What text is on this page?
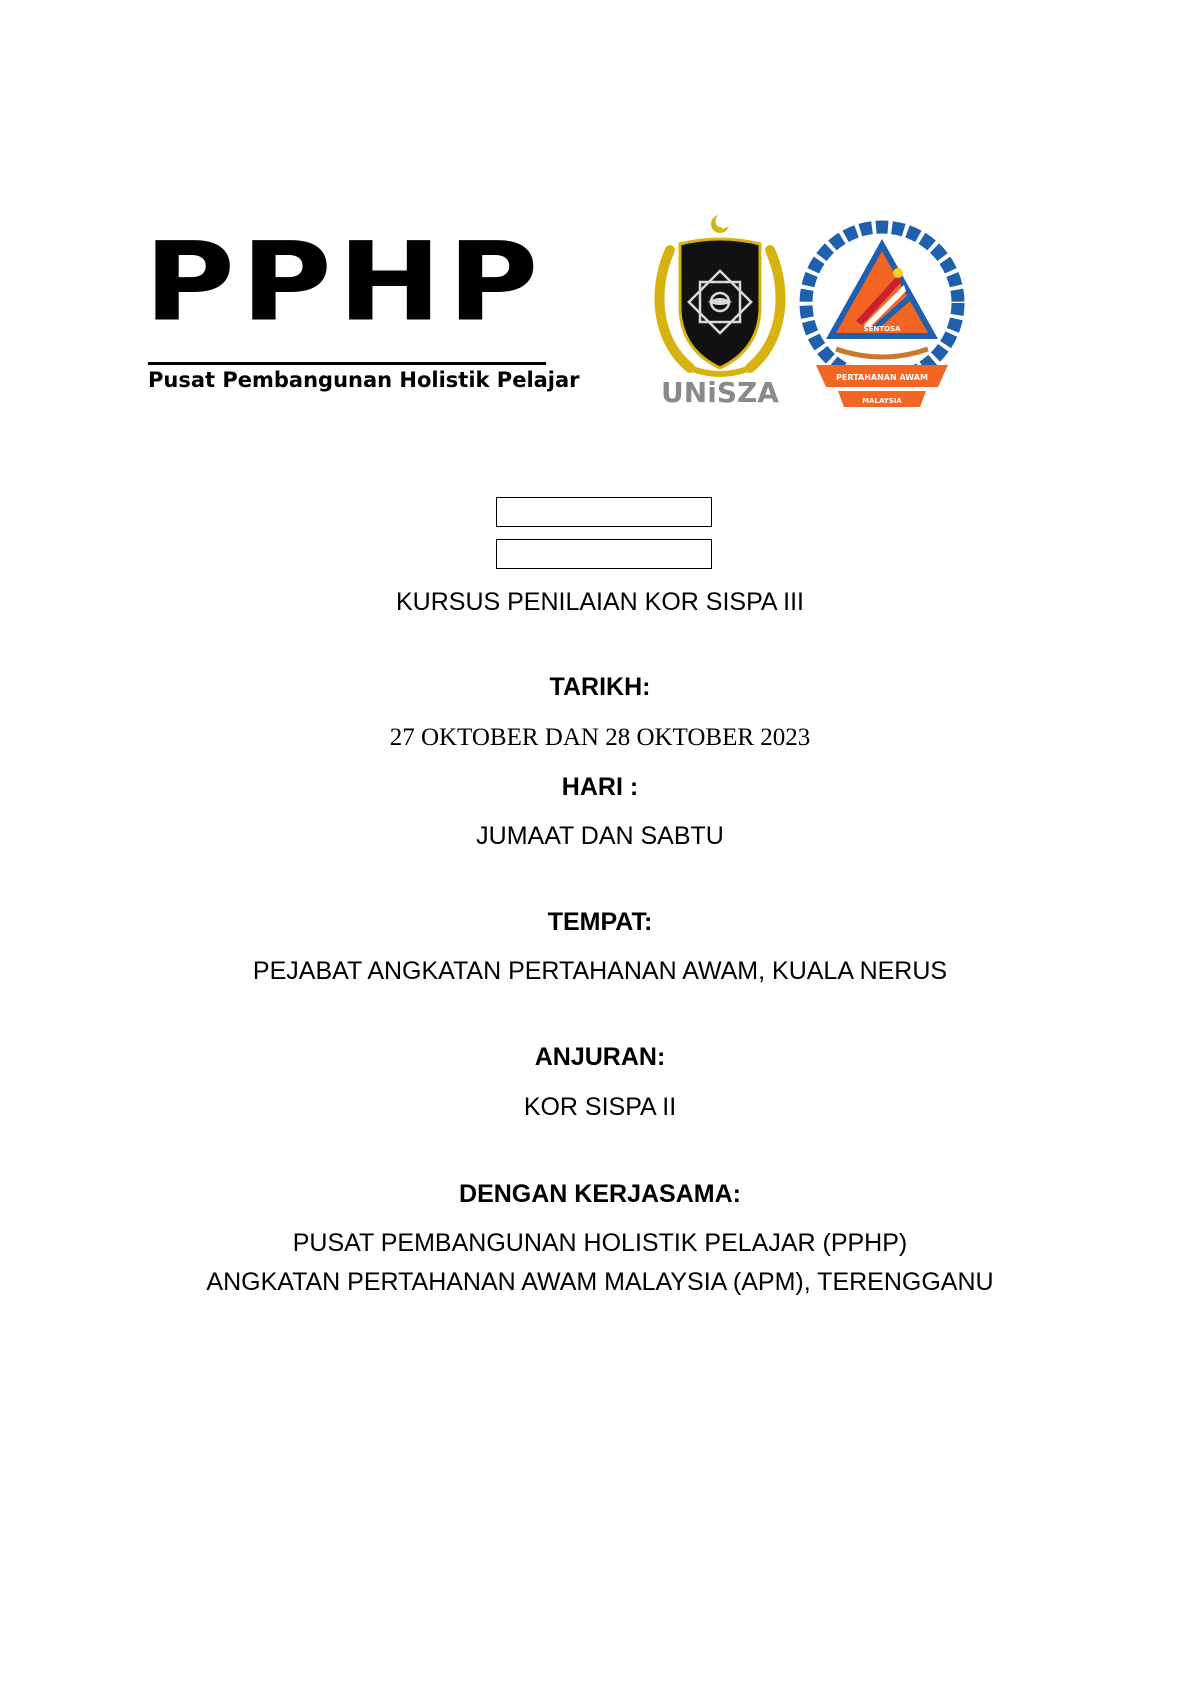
PPHP
Pusat Pembangunan Holistik Pelajar	UNiSZA
SENTOSA
PERTAHANAN AWAM
MALAYSIA
KURSUS PENILAIAN KOR SISPA III
TARIKH:
27 OKTOBER DAN 28 OKTOBER 2023
HARI :
JUMAAT DAN SABTU
TEMPAT:
PEJABAT ANGKATAN PERTAHANAN AWAM, KUALA NERUS
ANJURAN:
KOR SISPA II
DENGAN KERJASAMA:
PUSAT PEMBANGUNAN HOLISTIK PELAJAR (PPHP)
ANGKATAN PERTAHANAN AWAM MALAYSIA (APM), TERENGGANU
